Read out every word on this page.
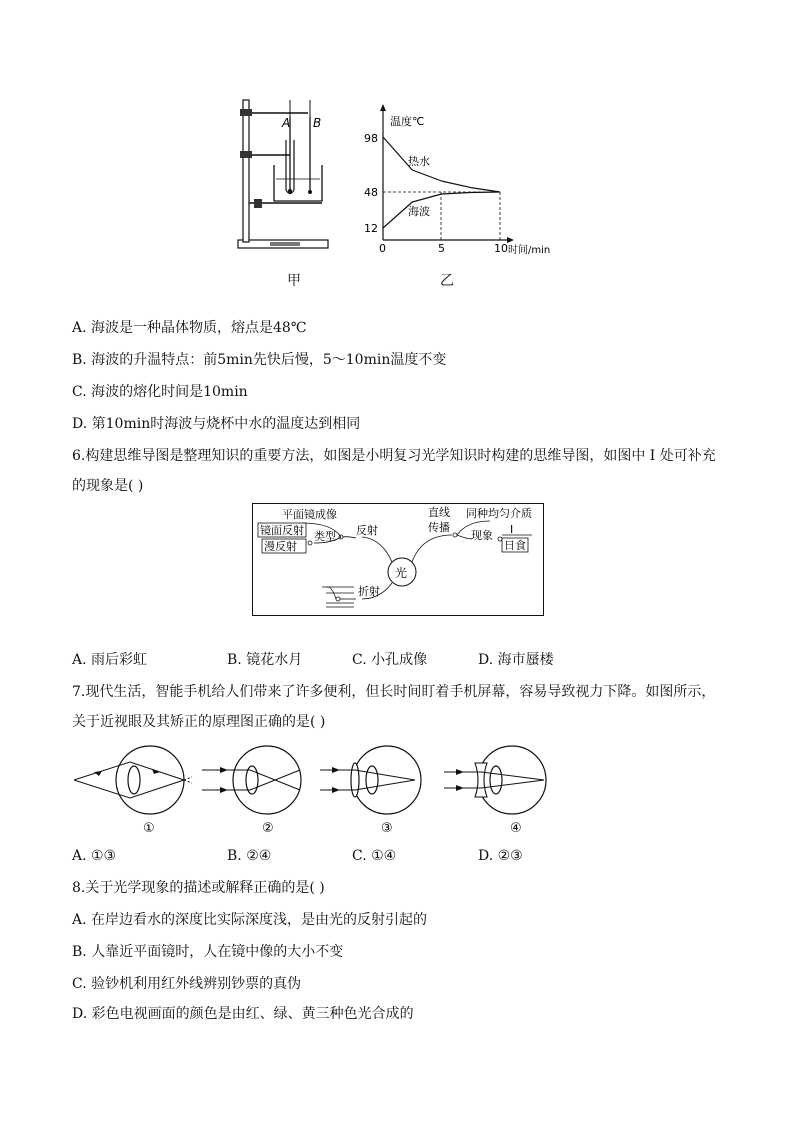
A B	温度℃
时间/min
98
48
12
0	5	10
热水
海波
甲	乙
A. 海波是一种晶体物质，熔点是48℃
B. 海波的升温特点：前5min先快后慢，5～10min温度不变
C. 海波的熔化时间是10min
D. 第10min时海波与烧杯中水的温度达到相同
6.构建思维导图是整理知识的重要方法，如图是小明复习光学知识时构建的思维导图，如图中 I 处可补充
的现象是( )
光
反射
平面镜成像
类型
镜面反射
漫反射
直线
传播
同种均匀介质
现象 I
日食
折射
A. 雨后彩虹	B. 镜花水月	C. 小孔成像	D. 海市蜃楼
7.现代生活，智能手机给人们带来了许多便利，但长时间盯着手机屏幕，容易导致视力下降。如图所示，
关于近视眼及其矫正的原理图正确的是( )
①	②	③	④
A. ①③	B. ②④	C. ①④	D. ②③
8.关于光学现象的描述或解释正确的是( )
A. 在岸边看水的深度比实际深度浅，是由光的反射引起的
B. 人靠近平面镜时，人在镜中像的大小不变
C. 验钞机利用红外线辨别钞票的真伪
D. 彩色电视画面的颜色是由红、绿、黄三种色光合成的
